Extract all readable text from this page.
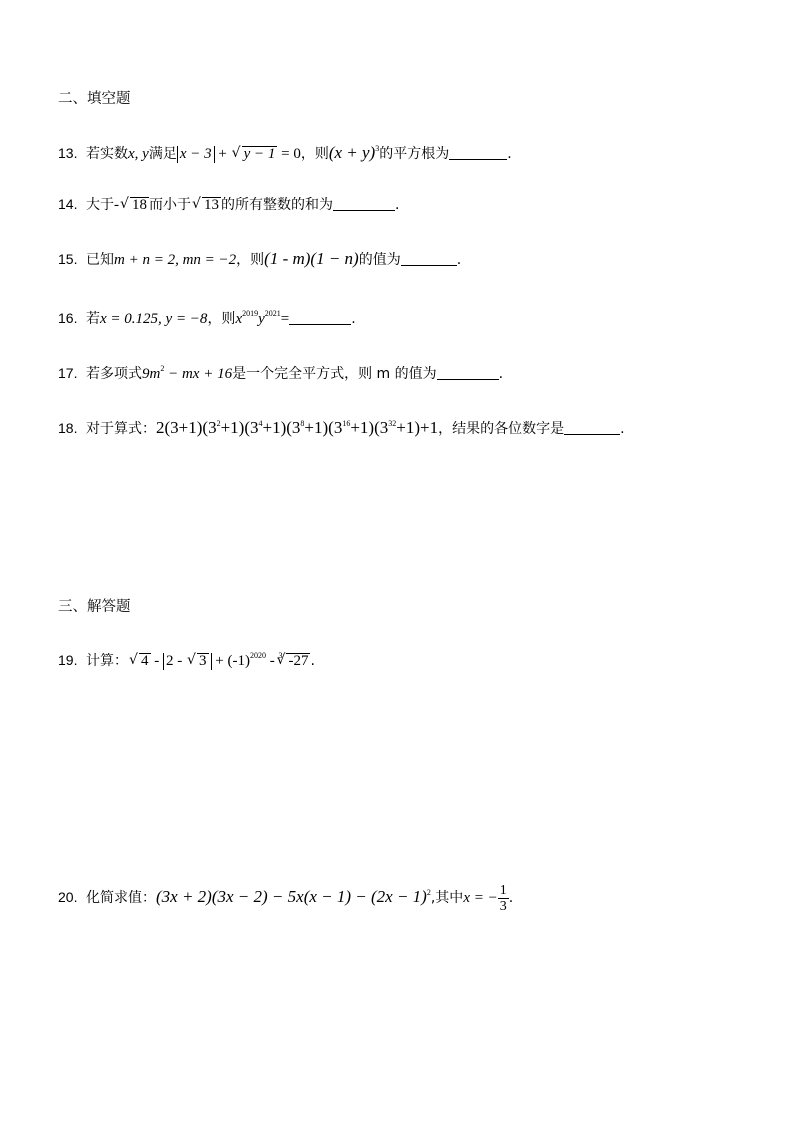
二、填空题
13. 若实数x, y满足 x − 3 + √ y − 1 = 0，则$(x + y)^3$的平方根为	.
14. 大于-√ 18 而小于√ 13 的所有整数的和为	.
15. 已知m + n = 2, mn = −2，则(1 - m)(1 − n)的值为	.
16. 若x = 0.125, y = −8，则$x^{2019}y^{2021}=$	.
17. 若多项式$9m^2$ − mx + 16是一个完全平方式，则 m 的值为	.
18. 对于算式：$2(3+1)(3^2+1)(3^4+1)(3^8+1)(3^{16}+1)(3^{32}+1)+1$，结果的各位数字是	.
三、解答题
19. 计算：√ 4 - 2 - √ $3 + (-1)^{2020} - ^3√$ -27 .
20. 化简求值：$(3x + 2)(3x - 2) - 5x(x - 1) - (2x - 1)^2$,其中x = − $\frac{1}{3}$ .
